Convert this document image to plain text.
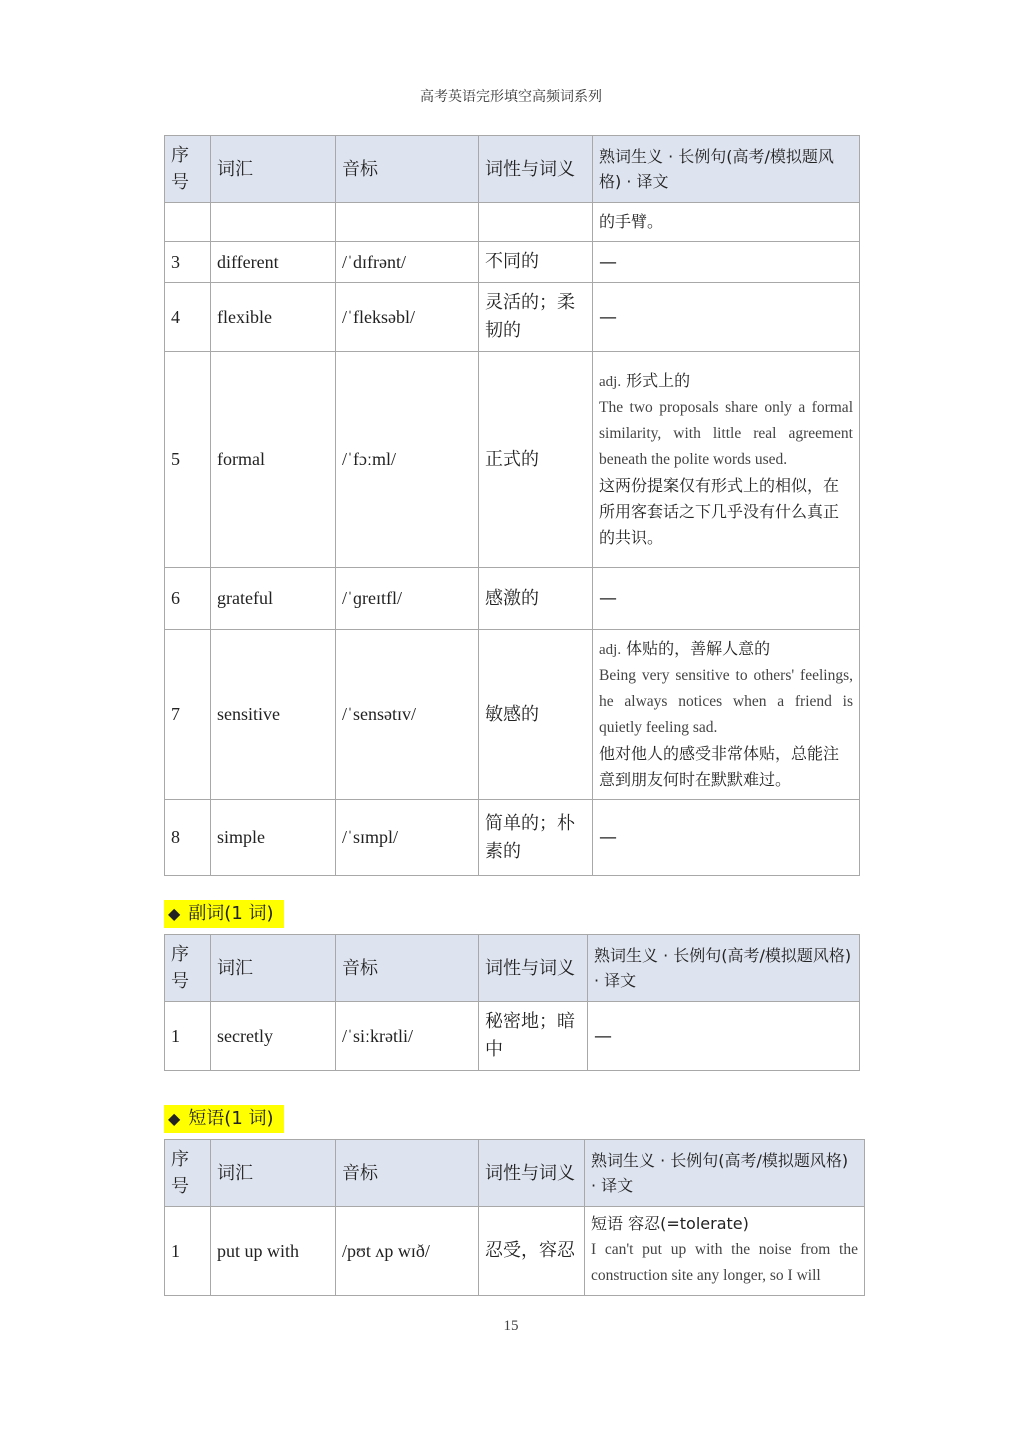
高考英语完形填空高频词系列
序号	词汇	音标	词性与词义	熟词生义 · 长例句(高考/模拟题风格) · 译文

				的手臂。

3	different	/ˈdɪfrənt/	不同的	—
4	flexible	/ˈfleksəbl/	灵活的；柔韧的	—
5	formal	/ˈfɔːml/	正式的	adj. 形式上的
The two proposals share only a formal similarity, with little real agreement beneath the polite words used.
这两份提案仅有形式上的相似，在所用客套话之下几乎没有什么真正的共识。

6	grateful	/ˈɡreɪtfl/	感激的	—
7	sensitive	/ˈsensətɪv/	敏感的	adj. 体贴的，善解人意的
Being very sensitive to others' feelings, he always notices when a friend is quietly feeling sad.
他对他人的感受非常体贴，总能注意到朋友何时在默默难过。

8	simple	/ˈsɪmpl/	简单的；朴素的	—
◆ 副词(1 词)
序号	词汇	音标	词性与词义	熟词生义 · 长例句(高考/模拟题风格) · 译文
1	secretly	/ˈsiːkrətli/	秘密地；暗中	—
◆ 短语(1 词)
序号	词汇	音标	词性与词义	熟词生义 · 长例句(高考/模拟题风格) · 译文
1	put up with	/pʊt ʌp wɪð/	忍受，容忍	短语 容忍(=tolerate)
I can't put up with the noise from the construction site any longer, so I will
15
